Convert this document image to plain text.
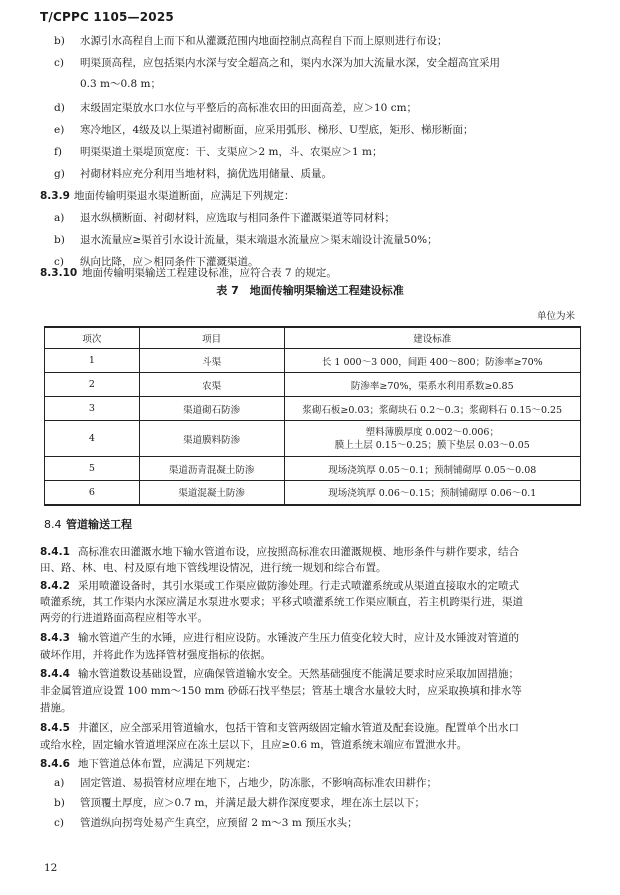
T/CPPC 1105—2025
b) 水源引水高程自上而下和从灌溉范围内地面控制点高程自下而上原则进行布设；
c) 明渠顶高程，应包括渠内水深与安全超高之和，渠内水深为加大流量水深，安全超高宜采用
0.3 m～0.8 m；
d) 末级固定渠放水口水位与平整后的高标准农田的田面高差，应＞10 cm；
e) 寒冷地区，4级及以上渠道衬砌断面，应采用弧形、梯形、U型底，矩形、梯形断面；
f) 明渠渠道土渠堤顶宽度：干、支渠应＞2 m，斗、农渠应＞1 m；
g) 衬砌材料应充分利用当地材料，摘优选用储量、质量。
8.3.9 地面传输明渠退水渠道断面，应满足下列规定：
a) 退水纵横断面、衬砌材料，应选取与相同条件下灌溉渠道等同材料；
b) 退水流量应≥渠首引水设计流量，渠末端退水流量应＞渠末端设计流量50%；
c) 纵向比降，应＞相同条件下灌溉渠道。
8.3.10 地面传输明渠输送工程建设标准，应符合表 7 的规定。
表 7　地面传输明渠输送工程建设标准
单位为米
项次	项目	建设标准
1	斗渠	长 1 000～3 000，间距 400～800；防渗率≥70%
2	农渠	防渗率≥70%，渠系水利用系数≥0.85
3	渠道砌石防渗	浆砌石板≥0.03；浆砌块石 0.2～0.3；浆砌料石 0.15～0.25
4	渠道膜料防渗	塑料薄膜厚度 0.002～0.006；
膜上土层 0.15～0.25；膜下垫层 0.03～0.05

5	渠道沥青混凝土防渗	现场浇筑厚 0.05～0.1；预制铺砌厚 0.05～0.08
6	渠道混凝土防渗	现场浇筑厚 0.06～0.15；预制铺砌厚 0.06～0.1
8.4 管道输送工程
8.4.1 高标准农田灌溉水地下输水管道布设，应按照高标准农田灌溉规模、地形条件与耕作要求，结合
田、路、林、电、村及原有地下管线埋设情况，进行统一规划和综合布置。
8.4.2 采用喷灌设备时，其引水渠或工作渠应做防渗处理。行走式喷灌系统或从渠道直接取水的定喷式
喷灌系统，其工作渠内水深应满足水泵进水要求；平移式喷灌系统工作渠应顺直，若主机跨渠行进，渠道
两旁的行进道路面高程应相等水平。
8.4.3 输水管道产生的水锤，应进行相应设防。水锤波产生压力值变化较大时，应计及水锤波对管道的
破坏作用，并将此作为选择管材强度指标的依据。
8.4.4 输水管道数设基础设置，应确保管道输水安全。天然基础强度不能满足要求时应采取加固措施；
非金属管道应设置 100 mm～150 mm 砂砾石找平垫层；管基土壤含水量较大时，应采取换填和排水等
措施。
8.4.5 井灌区，应全部采用管道输水，包括干管和支管两级固定输水管道及配套设施。配置单个出水口
或给水栓，固定输水管道埋深应在冻土层以下，且应≥0.6 m，管道系统末端应布置泄水井。
8.4.6 地下管道总体布置，应满足下列规定：
a) 固定管道、易损管材应埋在地下，占地少，防冻胀，不影响高标准农田耕作；
b) 管顶覆土厚度，应＞0.7 m，并满足最大耕作深度要求，埋在冻土层以下；
c) 管道纵向拐弯处易产生真空，应预留 2 m～3 m 预压水头；
12
